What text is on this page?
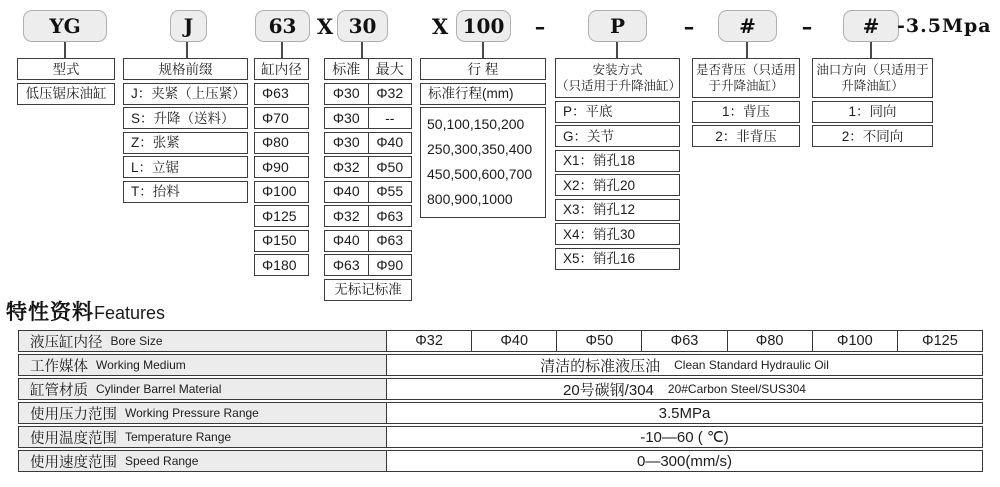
YG	J	63 X 30	X 100	–	P	–	#	–	# -3.5Mpa
型式
低压锯床油缸
规格前缀
J：夹紧（上压紧）
S：升降（送料）
Z：张紧
L：立锯
T：抬料
缸内径
Φ63
Φ70
Φ80
Φ90
Φ100
Φ125
Φ150
Φ180
标准	最大
Φ30	Φ32
Φ30	--
Φ30	Φ40
Φ32	Φ50
Φ40	Φ55
Φ32	Φ63
Φ40	Φ63
Φ63	Φ90
无标记标准
行 程
标准行程(mm)
50,100,150,200
250,300,350,400
450,500,600,700
800,900,1000
安装方式
（只适用于升降油缸）
P：平底
G：关节
X1：销孔18
X2：销孔20
X3：销孔12
X4：销孔30
X5：销孔16
是否背压（只适用
于升降油缸）
1：背压
2：非背压
油口方向（只适用于
升降油缸）
1：同向
2：不同向
特性资料 Features
液压缸内径 Bore Size	Φ32	Φ40	Φ50	Φ63	Φ80	Φ100	Φ125
工作媒体 Working Medium	清洁的标准液压油 Clean Standard Hydraulic Oil
缸管材质 Cylinder Barrel Material	20号碳钢/304 20#Carbon Steel/SUS304
使用压力范围 Working Pressure Range	3.5MPa
使用温度范围 Temperature Range	-10—60 ( ℃)
使用速度范围 Speed Range	0—300(mm/s)
